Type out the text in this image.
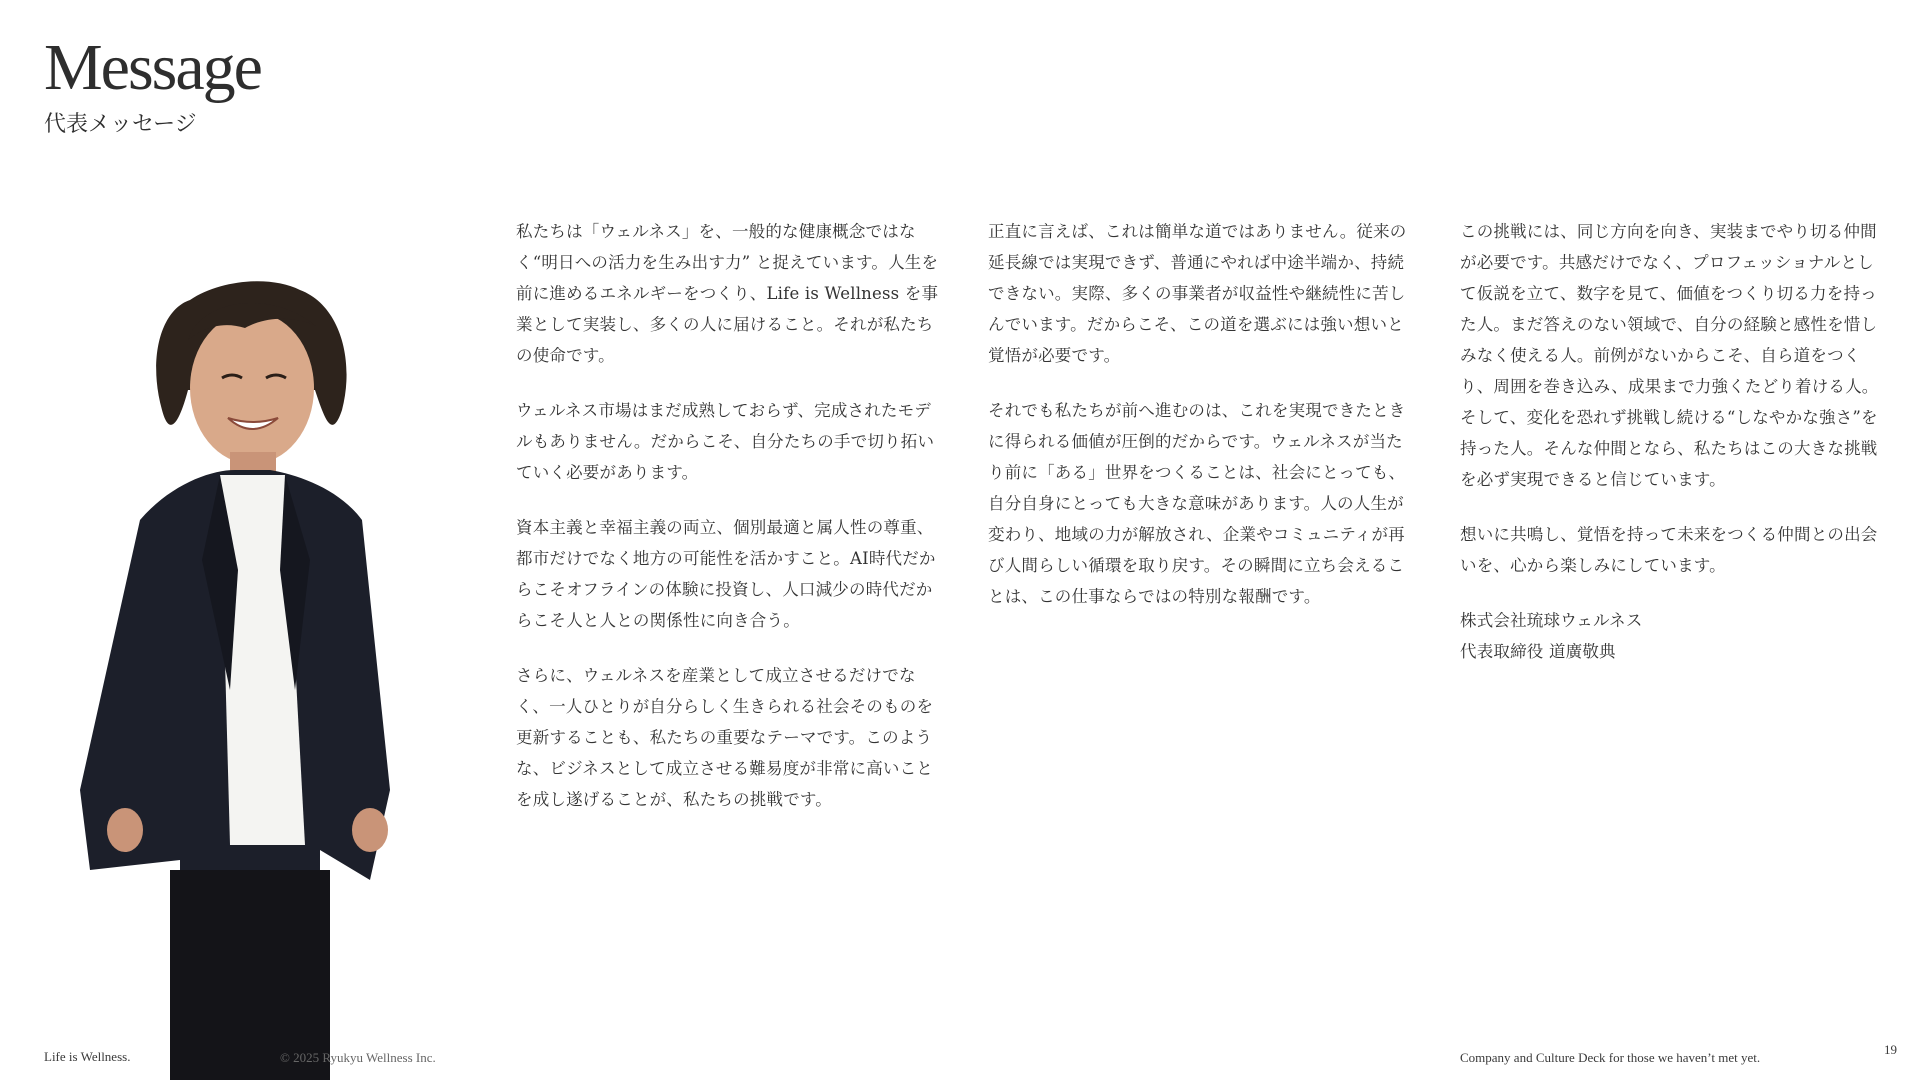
Message
代表メッセージ

私たちは「ウェルネス」を、一般的な健康概念ではなく“明日への活力を生み出す力” と捉えています。人生を前に進めるエネルギーをつくり、Life is Wellness を事業として実装し、多くの人に届けること。それが私たちの使命です。

ウェルネス市場はまだ成熟しておらず、完成されたモデルもありません。だからこそ、自分たちの手で切り拓いていく必要があります。

資本主義と幸福主義の両立、個別最適と属人性の尊重、都市だけでなく地方の可能性を活かすこと。AI時代だからこそオフラインの体験に投資し、人口減少の時代だからこそ人と人との関係性に向き合う。

さらに、ウェルネスを産業として成立させるだけでなく、一人ひとりが自分らしく生きられる社会そのものを更新することも、私たちの重要なテーマです。このような、ビジネスとして成立させる難易度が非常に高いことを成し遂げることが、私たちの挑戦です。

正直に言えば、これは簡単な道ではありません。従来の延長線では実現できず、普通にやれば中途半端か、持続できない。実際、多くの事業者が収益性や継続性に苦しんでいます。だからこそ、この道を選ぶには強い想いと覚悟が必要です。

それでも私たちが前へ進むのは、これを実現できたときに得られる価値が圧倒的だからです。ウェルネスが当たり前に「ある」世界をつくることは、社会にとっても、自分自身にとっても大きな意味があります。人の人生が変わり、地域の力が解放され、企業やコミュニティが再び人間らしい循環を取り戻す。その瞬間に立ち会えることは、この仕事ならではの特別な報酬です。

この挑戦には、同じ方向を向き、実装までやり切る仲間が必要です。共感だけでなく、プロフェッショナルとして仮説を立て、数字を見て、価値をつくり切る力を持った人。まだ答えのない領域で、自分の経験と感性を惜しみなく使える人。前例がないからこそ、自ら道をつくり、周囲を巻き込み、成果まで力強くたどり着ける人。そして、変化を恐れず挑戦し続ける“しなやかな強さ”を持った人。そんな仲間となら、私たちはこの大きな挑戦を必ず実現できると信じています。

想いに共鳴し、覚悟を持って未来をつくる仲間との出会いを、心から楽しみにしています。

株式会社琉球ウェルネス
代表取締役 道廣敬典
Life is Wellness.	© 2025 Ryukyu Wellness Inc.	Company and Culture Deck for those we haven’t met yet.
19
